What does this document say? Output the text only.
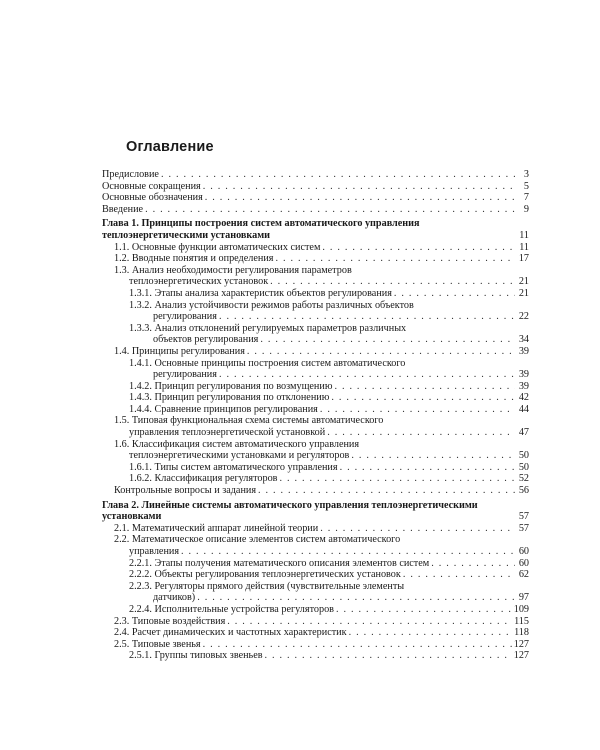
Оглавление
Предисловие . . .	3
Основные сокращения . . .	5
Основные обозначения . . .	7
Введение . . .	9
Глава 1. Принципы построения систем автоматического управления
теплоэнергетическими установками	11
1.1. Основные функции автоматических систем . . .	11
1.2. Вводные понятия и определения . . .	17
1.3. Анализ необходимости регулирования параметров
теплоэнергетических установок . . .	21
1.3.1. Этапы анализа характеристик объектов регулирования . . .	21
1.3.2. Анализ устойчивости режимов работы различных объектов
регулирования . . .	22
1.3.3. Анализ отклонений регулируемых параметров различных
объектов регулирования . . .	34
1.4. Принципы регулирования . . .	39
1.4.1. Основные принципы построения систем автоматического
регулирования . . .	39
1.4.2. Принцип регулирования по возмущению . . .	39
1.4.3. Принцип регулирования по отклонению . . .	42
1.4.4. Сравнение принципов регулирования . . .	44
1.5. Типовая функциональная схема системы автоматического
управления теплоэнергетической установкой . . .	47
1.6. Классификация систем автоматического управления
теплоэнергетическими установками и регуляторов . . .	50
1.6.1. Типы систем автоматического управления . . .	50
1.6.2. Классификация регуляторов . . .	52
Контрольные вопросы и задания . . .	56
Глава 2. Линейные системы автоматического управления теплоэнергетическими
установками	57
2.1. Математический аппарат линейной теории . . .	57
2.2. Математическое описание элементов систем автоматического
управления . . .	60
2.2.1. Этапы получения математического описания элементов систем . . .	60
2.2.2. Объекты регулирования теплоэнергетических установок . . .	62
2.2.3. Регуляторы прямого действия (чувствительные элементы
датчиков) . . .	97
2.2.4. Исполнительные устройства регуляторов . . .	109
2.3. Типовые воздействия . . .	115
2.4. Расчет динамических и частотных характеристик . . .	118
2.5. Типовые звенья . . .	127
2.5.1. Группы типовых звеньев . . .	127
